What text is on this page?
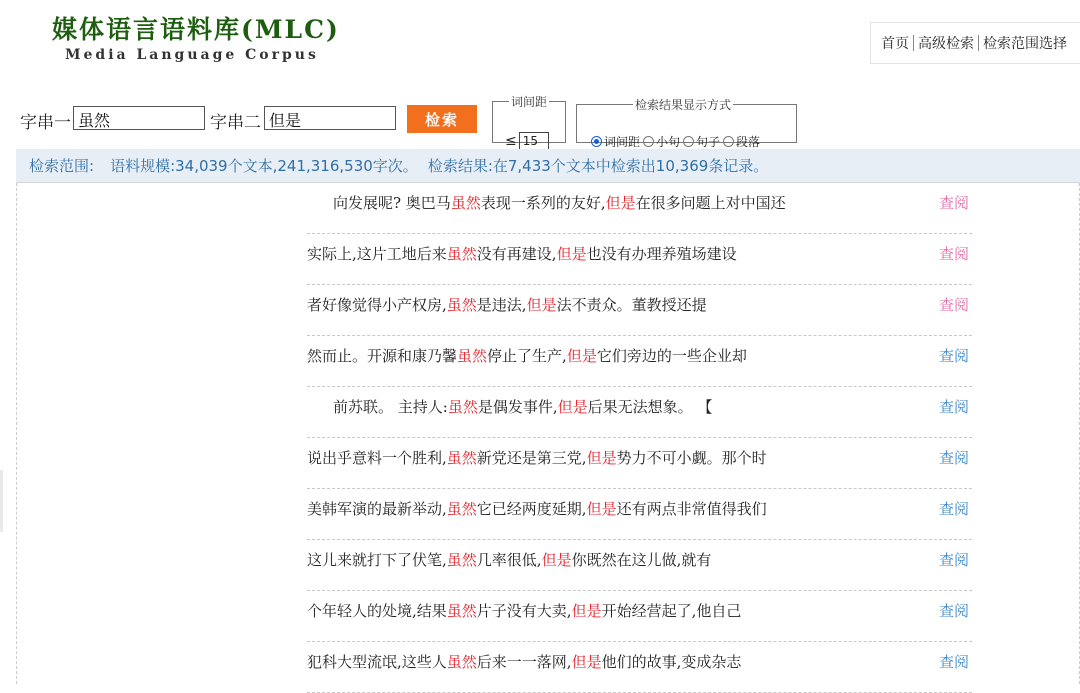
媒体语言语料库(MLC)
Media Language Corpus
首页 高级检索 检索范围选择
字串一 虽然	字串二 但是	检索
词间距
≤ 15
检索结果显示方式
词间距 小句 句子 段落
检索范围: 语料规模:34,039个文本,241,316,530字次。 检索结果:在7,433个文本中检索出10,369条记录。
向发展呢? 奥巴马 虽然 表现一系列的友好, 但是 在很多问题上对中国还	查阅
实际上,这片工地后来 虽然 没有再建设, 但是 也没有办理养殖场建设	查阅
者好像觉得小产权房, 虽然 是违法, 但是 法不责众。董教授还提	查阅
然而止。开源和康乃馨 虽然 停止了生产, 但是 它们旁边的一些企业却	查阅
前苏联。 主持人: 虽然 是偶发事件, 但是 后果无法想象。 【	查阅
说出乎意料一个胜利, 虽然 新党还是第三党, 但是 势力不可小觑。那个时	查阅
美韩军演的最新举动, 虽然 它已经两度延期, 但是 还有两点非常值得我们	查阅
这儿来就打下了伏笔, 虽然 几率很低, 但是 你既然在这儿做,就有	查阅
个年轻人的处境,结果 虽然 片子没有大卖, 但是 开始经营起了,他自己	查阅
犯科大型流氓,这些人 虽然 后来一一落网, 但是 他们的故事,变成杂志	查阅
